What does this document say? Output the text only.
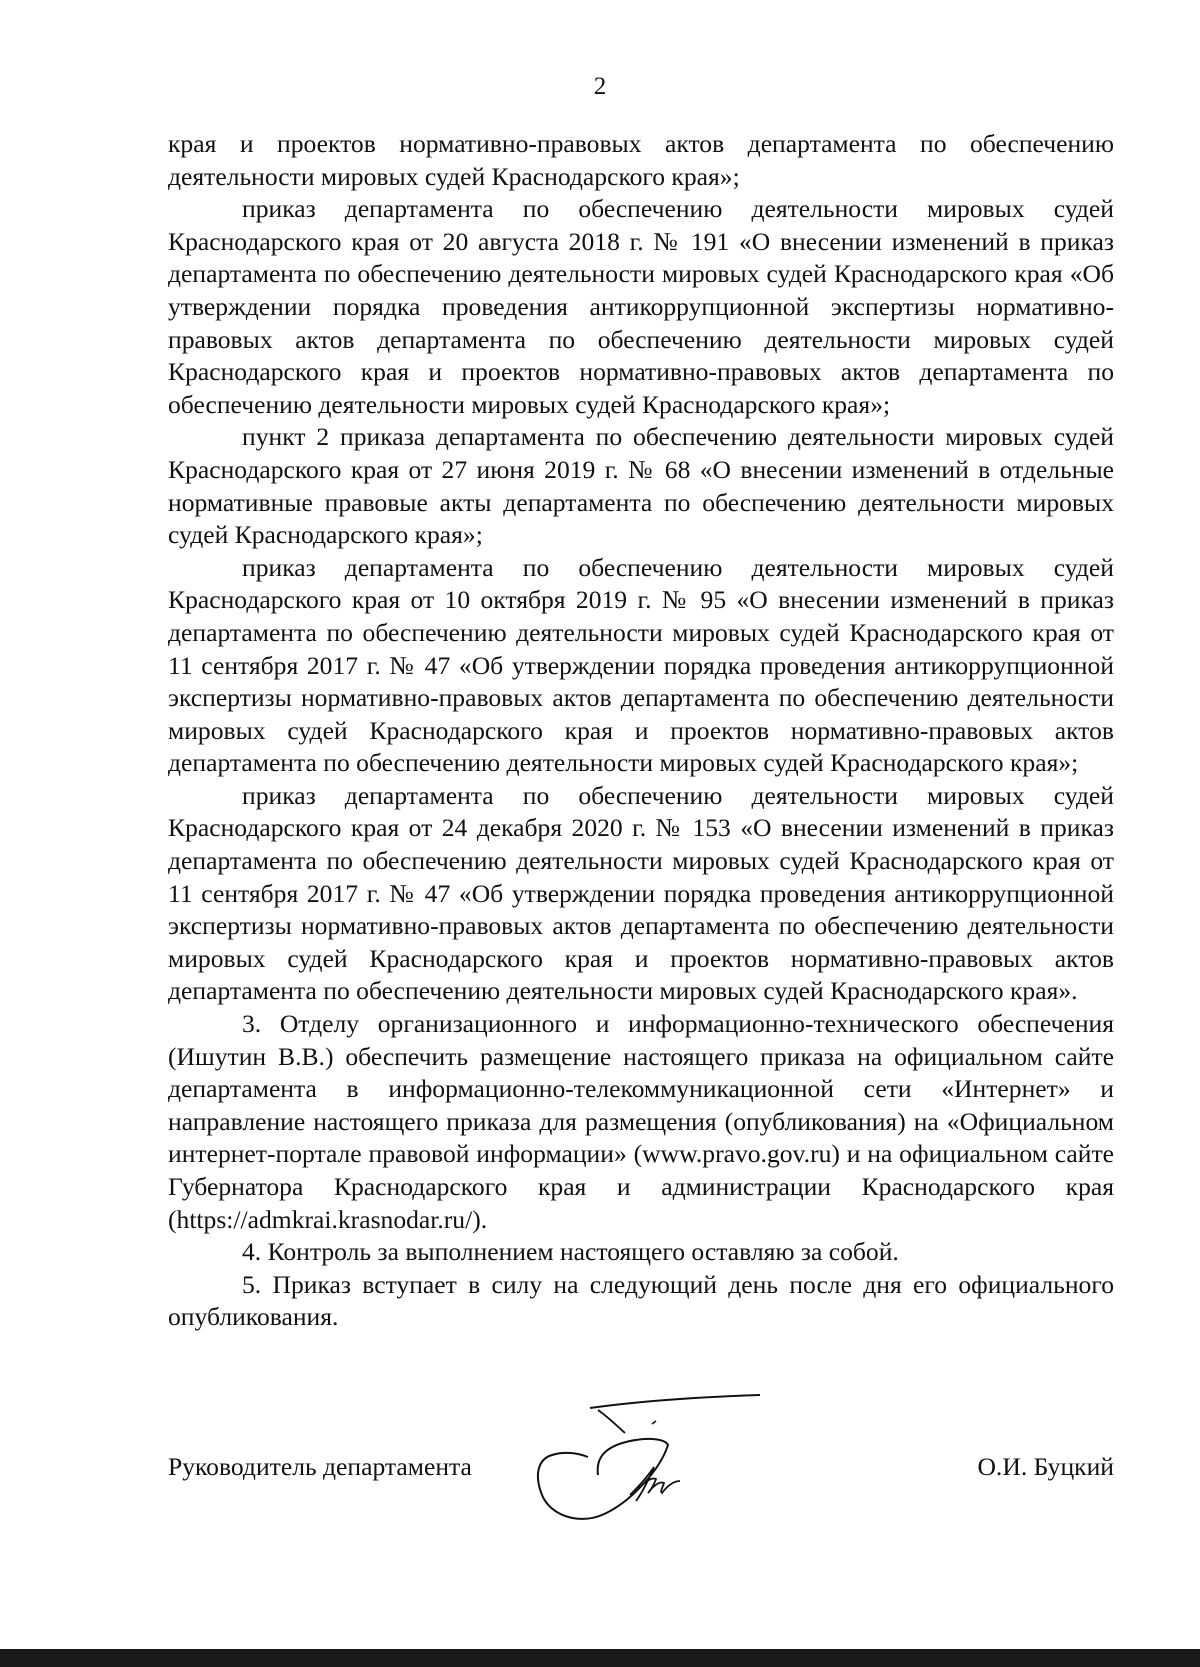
2

края и проектов нормативно-правовых актов департамента по обеспечению деятельности мировых судей Краснодарского края»;

приказ департамента по обеспечению деятельности мировых судей Краснодарского края от 20 августа 2018 г. № 191 «О внесении изменений в приказ департамента по обеспечению деятельности мировых судей Краснодарского края «Об утверждении порядка проведения антикоррупционной экспертизы нормативно-правовых актов департамента по обеспечению деятельности мировых судей Краснодарского края и проектов нормативно-правовых актов департамента по обеспечению деятельности мировых судей Краснодарского края»;

пункт 2 приказа департамента по обеспечению деятельности мировых судей Краснодарского края от 27 июня 2019 г. № 68 «О внесении изменений в отдельные нормативные правовые акты департамента по обеспечению деятельности мировых судей Краснодарского края»;

приказ департамента по обеспечению деятельности мировых судей Краснодарского края от 10 октября 2019 г. № 95 «О внесении изменений в приказ департамента по обеспечению деятельности мировых судей Краснодарского края от 11 сентября 2017 г. № 47 «Об утверждении порядка проведения антикоррупционной экспертизы нормативно-правовых актов департамента по обеспечению деятельности мировых судей Краснодарского края и проектов нормативно-правовых актов департамента по обеспечению деятельности мировых судей Краснодарского края»;

приказ департамента по обеспечению деятельности мировых судей Краснодарского края от 24 декабря 2020 г. № 153 «О внесении изменений в приказ департамента по обеспечению деятельности мировых судей Краснодарского края от 11 сентября 2017 г. № 47 «Об утверждении порядка проведения антикоррупционной экспертизы нормативно-правовых актов департамента по обеспечению деятельности мировых судей Краснодарского края и проектов нормативно-правовых актов департамента по обеспечению деятельности мировых судей Краснодарского края».

3. Отделу организационного и информационно-технического обеспечения (Ишутин В.В.) обеспечить размещение настоящего приказа на официальном сайте департамента в информационно-телекоммуникационной сети «Интернет» и направление настоящего приказа для размещения (опубликования) на «Официальном интернет-портале правовой информации» (www.pravo.gov.ru) и на официальном сайте Губернатора Краснодарского края и администрации Краснодарского края (https://admkrai.krasnodar.ru/).

4. Контроль за выполнением настоящего оставляю за собой.

5. Приказ вступает в силу на следующий день после дня его официального опубликования.

Руководитель департамента	О.И. Буцкий
